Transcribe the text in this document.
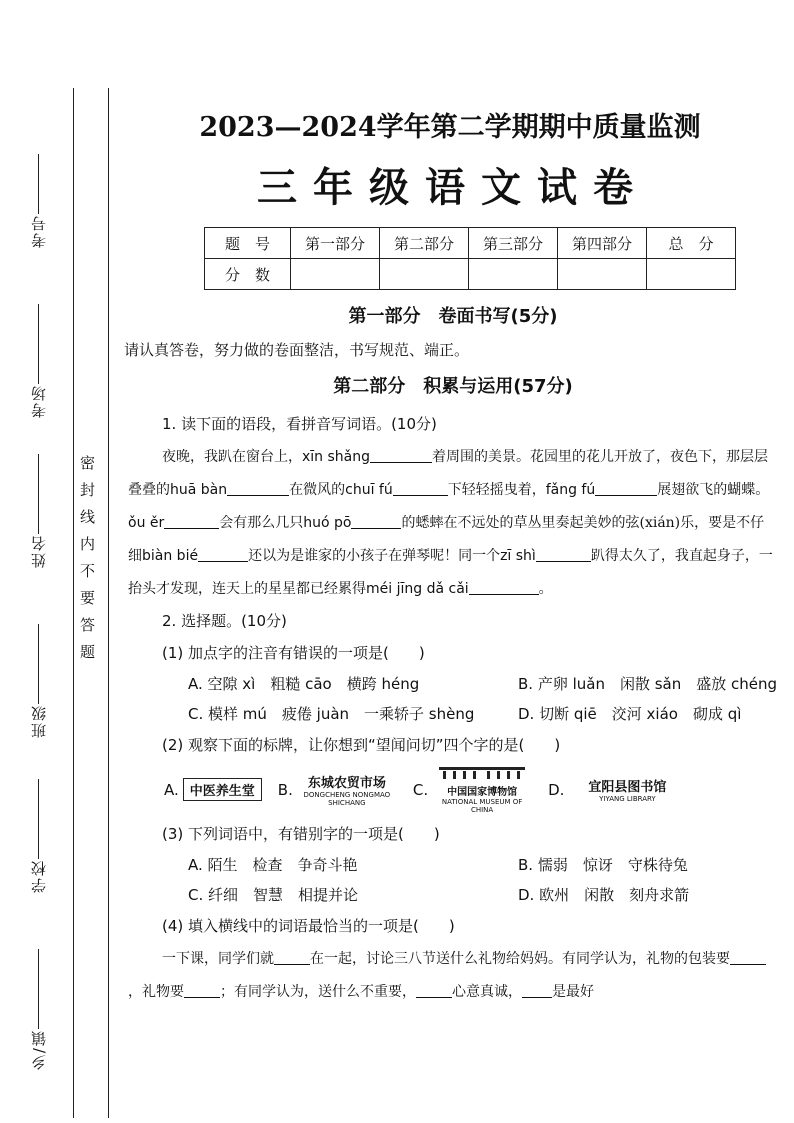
考号
考场
姓名
班级
学校
乡/镇
密封线内不要答题
2023—2024学年第二学期期中质量监测
三年级语文试卷
题　号	第一部分	第二部分	第三部分	第四部分	总　分
分　数					
第一部分　卷面书写(5分)
请认真答卷，努力做的卷面整洁，书写规范、端正。
第二部分　积累与运用(57分)
1. 读下面的语段，看拼音写词语。(10分)
夜晚，我趴在窗台上，xīn shǎng	着周围的美景。花园里的花儿开放了，夜色下，那层层叠叠的huā bàn	在微风的chuī fú	下轻轻摇曳着，fǎng fú	展翅欲飞的蝴蝶。ǒu ěr	会有那么几只huó pō	的蟋蟀在不远处的草丛里奏起美妙的弦(xián)乐，要是不仔细biàn bié	还以为是谁家的小孩子在弹琴呢！同一个zī shì	趴得太久了，我直起身子，一抬头才发现，连天上的星星都已经累得méi jīng dǎ cǎi	。
2. 选择题。(10分)
(1) 加点字的注音有错误的一项是(　　)
A. 空隙 xì　粗糙 cāo　横跨 héng	B. 产卵 luǎn　闲散 sǎn　盛放 chéng
C. 模样 mú　疲倦 juàn　一乘轿子 shèng	D. 切断 qiē　洨河 xiáo　砌成 qì
(2) 观察下面的标牌，让你想到“望闻问切”四个字的是(　　)
A. 中医养生堂	B.	东城农贸市场
DONGCHENG NONGMAO SHICHANG
C.	中国国家博物馆
NATIONAL MUSEUM OF CHINA
D.	宜阳县图书馆
YIYANG LIBRARY
(3) 下列词语中，有错别字的一项是(　　)
A. 陌生　检查　争奇斗艳	B. 懦弱　惊讶　守株待兔
C. 纤细　智慧　相提并论	D. 欧州　闲散　刻舟求箭
(4) 填入横线中的词语最恰当的一项是(　　)
一下课，同学们就	在一起，讨论三八节送什么礼物给妈妈。有同学认为，礼物的包装要，礼物要	；有同学认为，送什么不重要，	心意真诚， 是最好
